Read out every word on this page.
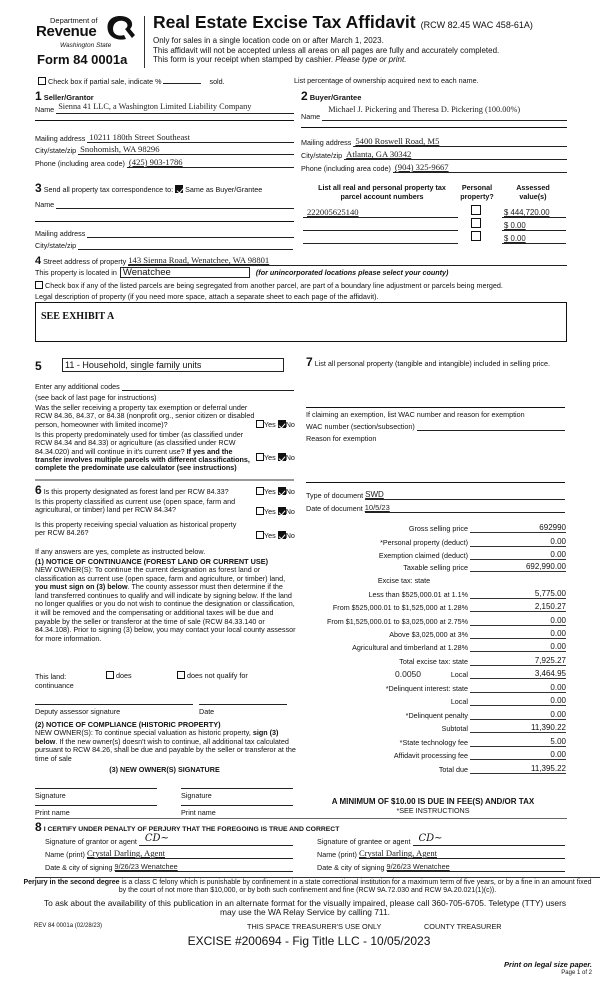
Department of
Revenue
Washington State
Form 84 0001a
Real Estate Excise Tax Affidavit (RCW 82.45 WAC 458-61A)
Only for sales in a single location code on or after March 1, 2023.
This affidavit will not be accepted unless all areas on all pages are fully and accurately completed.
This form is your receipt when stamped by cashier. Please type or print.
Check box if partial sale, indicate %	sold.	List percentage of ownership acquired next to each name.
1 Seller/Grantor
Name Sienna 41 LLC, a Washington Limited Liability Company
Mailing address 10211 180th Street Southeast
City/state/zip Snohomish, WA 98296
Phone (including area code) (425) 903-1786
3 Send all property tax correspondence to: Same as Buyer/Grantee
Name
Mailing address
City/state/zip
2 Buyer/Grantee
Name
Michael J. Pickering and Theresa D. Pickering (100.00%)
Mailing address 5400 Roswell Road, M5
City/state/zip Atlanta, GA 30342
Phone (including area code) (904) 325-9667
List all real and personal property tax parcel account numbers
Personal property?
Assessed value(s)
222005625140	$ 444,720.00
$ 0.00
$ 0.00
4 Street address of property 143 Sienna Road, Wenatchee, WA 98801
This property is located in Wenatchee	(for unincorporated locations please select your county)
Check box if any of the listed parcels are being segregated from another parcel, are part of a boundary line adjustment or parcels being merged.
Legal description of property (if you need more space, attach a separate sheet to each page of the affidavit).
SEE EXHIBIT A
5	11 - Household, single family units
Enter any additional codes
(see back of last page for instructions)
Was the seller receiving a property tax exemption or deferral under RCW 84.36, 84.37, or 84.38 (nonprofit org., senior citizen or disabled person, homeowner with limited income)?	Yes No
Is this property predominately used for timber (as classified under RCW 84.34 and 84.33) or agriculture (as classified under RCW 84.34.020) and will continue in it's current use? If yes and the transfer involves multiple parcels with different classifications, complete the predominate use calculator (see instructions)
Yes No
6 Is this property designated as forest land per RCW 84.33?	Yes No
Is this property classified as current use (open space, farm and agricultural, or timber) land per RCW 84.34?	Yes No
Is this property receiving special valuation as historical property per RCW 84.26?	Yes No
If any answers are yes, complete as instructed below.
(1) NOTICE OF CONTINUANCE (FOREST LAND OR CURRENT USE)
NEW OWNER(S): To continue the current designation as forest land or classification as current use (open space, farm and agriculture, or timber) land, you must sign on (3) below. The county assessor must then determine if the land transferred continues to qualify and will indicate by signing below. If the land no longer qualifies or you do not wish to continue the designation or classification, it will be removed and the compensating or additional taxes will be due and payable by the seller or transferor at the time of sale (RCW 84.33.140 or 84.34.108). Prior to signing (3) below, you may contact your local county assessor for more information.
This land:	does	does not qualify for
continuance
Deputy assessor signature	Date
(2) NOTICE OF COMPLIANCE (HISTORIC PROPERTY)
NEW OWNER(S): To continue special valuation as historic property, sign (3) below. If the new owner(s) doesn't wish to continue, all additional tax calculated pursuant to RCW 84.26, shall be due and payable by the seller or transferor at the time of sale
(3) NEW OWNER(S) SIGNATURE
Signature	Signature
Print name	Print name
7 List all personal property (tangible and intangible) included in selling price.
If claiming an exemption, list WAC number and reason for exemption
WAC number (section/subsection)
Reason for exemption
Type of document SWD
Date of document 10/5/23
Gross selling price	692990
*Personal property (deduct)	0.00
Exemption claimed (deduct)	0.00
Taxable selling price	692,990.00
Excise tax: state
Less than $525,000.01 at 1.1%	5,775.00
From $525,000.01 to $1,525,000 at 1.28%	2,150.27
From $1,525,000.01 to $3,025,000 at 2.75%	0.00
Above $3,025,000 at 3%	0.00
Agricultural and timberland at 1.28%	0.00
Total excise tax: state	7,925.27
0.0050	Local	3,464.95
*Delinquent interest: state	0.00
Local	0.00
*Delinquent penalty	0.00
Subtotal	11,390.22
*State technology fee	5.00
Affidavit processing fee	0.00
Total due	11,395.22
A MINIMUM OF $10.00 IS DUE IN FEE(S) AND/OR TAX
*SEE INSTRUCTIONS
8 I CERTIFY UNDER PENALTY OF PERJURY THAT THE FOREGOING IS TRUE AND CORRECT
Signature of grantor or agent CD~
Name (print) Crystal Darling, Agent
Date & city of signing 9/26/23 Wenatchee
Signature of grantee or agent CD~
Name (print) Crystal Darling, Agent
Date & city of signing 9/26/23 Wenatchee
Perjury in the second degree is a class C felony which is punishable by confinement in a state correctional institution for a maximum term of five years, or by a fine in an amount fixed by the court of not more than $10,000, or by both such confinement and fine (RCW 9A.72.030 and RCW 9A.20.021(1)(c)).
To ask about the availability of this publication in an alternate format for the visually impaired, please call 360-705-6705. Teletype (TTY) users may use the WA Relay Service by calling 711.
REV 84 0001a (02/28/23)	THIS SPACE TREASURER'S USE ONLY	COUNTY TREASURER
EXCISE #200694 - Fig Title LLC - 10/05/2023
Print on legal size paper.
Page 1 of 2
